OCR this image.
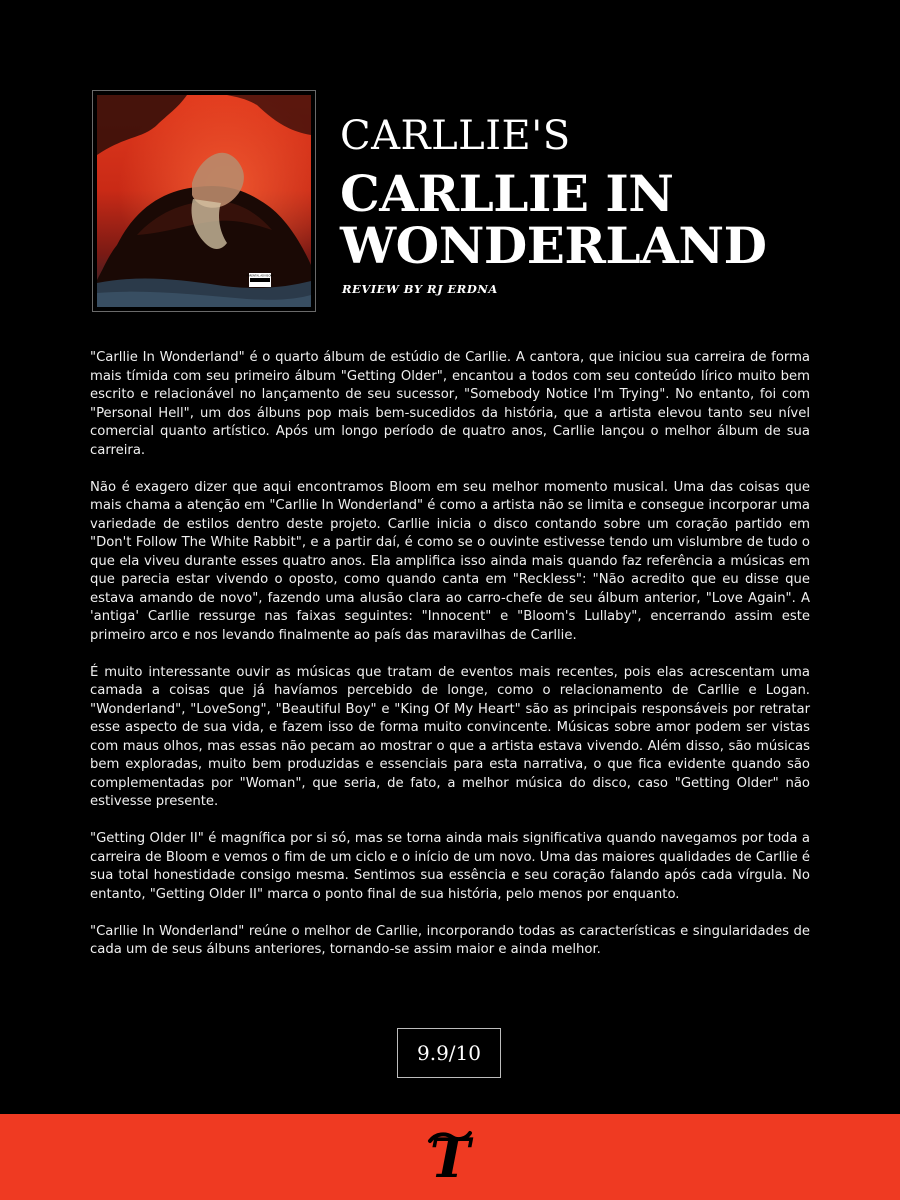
PARENTAL ADVISORY
CARLLIE'S
CARLLIE IN
WONDERLAND
REVIEW BY RJ ERDNA

"Carllie In Wonderland" é o quarto álbum de estúdio de Carllie. A cantora, que iniciou sua carreira de forma mais tímida com seu primeiro álbum "Getting Older", encantou a todos com seu conteúdo lírico muito bem escrito e relacionável no lançamento de seu sucessor, "Somebody Notice I'm Trying". No entanto, foi com "Personal Hell", um dos álbuns pop mais bem-sucedidos da história, que a artista elevou tanto seu nível comercial quanto artístico. Após um longo período de quatro anos, Carllie lançou o melhor álbum de sua carreira.

Não é exagero dizer que aqui encontramos Bloom em seu melhor momento musical. Uma das coisas que mais chama a atenção em "Carllie In Wonderland" é como a artista não se limita e consegue incorporar uma variedade de estilos dentro deste projeto. Carllie inicia o disco contando sobre um coração partido em "Don't Follow The White Rabbit", e a partir daí, é como se o ouvinte estivesse tendo um vislumbre de tudo o que ela viveu durante esses quatro anos. Ela amplifica isso ainda mais quando faz referência a músicas em que parecia estar vivendo o oposto, como quando canta em "Reckless": "Não acredito que eu disse que estava amando de novo", fazendo uma alusão clara ao carro-chefe de seu álbum anterior, "Love Again". A 'antiga' Carllie ressurge nas faixas seguintes: "Innocent" e "Bloom's Lullaby", encerrando assim este primeiro arco e nos levando finalmente ao país das maravilhas de Carllie.

É muito interessante ouvir as músicas que tratam de eventos mais recentes, pois elas acrescentam uma camada a coisas que já havíamos percebido de longe, como o relacionamento de Carllie e Logan. "Wonderland", "LoveSong", "Beautiful Boy" e "King Of My Heart" são as principais responsáveis por retratar esse aspecto de sua vida, e fazem isso de forma muito convincente. Músicas sobre amor podem ser vistas com maus olhos, mas essas não pecam ao mostrar o que a artista estava vivendo. Além disso, são músicas bem exploradas, muito bem produzidas e essenciais para esta narrativa, o que fica evidente quando são complementadas por "Woman", que seria, de fato, a melhor música do disco, caso "Getting Older" não estivesse presente.

"Getting Older II" é magnífica por si só, mas se torna ainda mais significativa quando navegamos por toda a carreira de Bloom e vemos o fim de um ciclo e o início de um novo. Uma das maiores qualidades de Carllie é sua total honestidade consigo mesma. Sentimos sua essência e seu coração falando após cada vírgula. No entanto, "Getting Older II" marca o ponto final de sua história, pelo menos por enquanto.

"Carllie In Wonderland" reúne o melhor de Carllie, incorporando todas as características e singularidades de cada um de seus álbuns anteriores, tornando-se assim maior e ainda melhor.

9.9/10
T
